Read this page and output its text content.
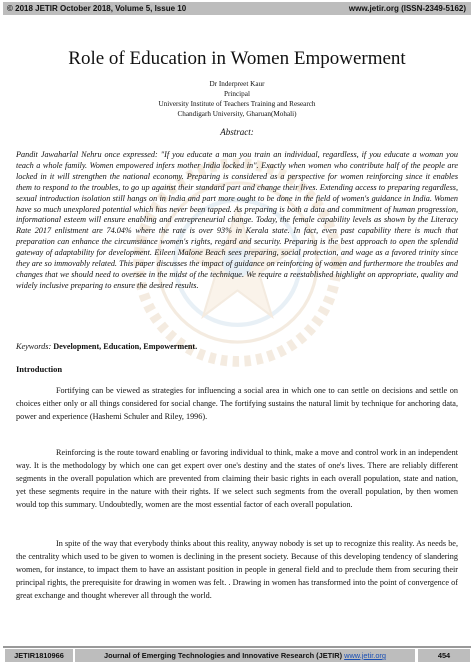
© 2018 JETIR October 2018, Volume 5, Issue 10	www.jetir.org (ISSN-2349-5162)
Role of Education in Women Empowerment
Dr Inderpreet Kaur
Principal
University Institute of Teachers Training and Research
Chandigarh University, Gharuan(Mohali)
Abstract:
Pandit Jawaharlal Nehru once expressed: "If you educate a man you train an individual, regardless, if you educate a woman you teach a whole family. Women empowered infers mother India locked in". Exactly when women who contribute half of the people are locked in it will strengthen the national economy. Preparing is considered as a perspective for women reinforcing since it enables them to respond to the troubles, to go up against their standard part and change their lives. Extending access to preparing regardless, sexual introduction isolation still hangs on in India and part more ought to be done in the field of women's guidance in India. Women have so much unexplored potential which has never been tapped. As preparing is both a data and commitment of human progression, informational esteem will ensure enabling and entrepreneurial change. Today, the female capability levels as shown by the Literacy Rate 2017 enlistment are 74.04% where the rate is over 93% in Kerala state. In fact, even past capability there is much that preparation can enhance the circumstance women's rights, regard and security. Preparing is the best approach to open the splendid gateway of adaptability for development. Eileen Malone Beach sees preparing, social protection, and wage as a favored trinity since they are so immovably related. This paper discusses the impact of guidance on reinforcing of women and furthermore the troubles and changes that we should need to oversee in the midst of the technique. We require a reestablished highlight on appropriate, quality and widely inclusive preparing to ensure the desired results.
Keywords: Development, Education, Empowerment.
Introduction
Fortifying can be viewed as strategies for influencing a social area in which one to can settle on decisions and settle on choices either only or all things considered for social change. The fortifying sustains the natural limit by technique for anchoring data, power and experience (Hashemi Schuler and Riley, 1996).
Reinforcing is the route toward enabling or favoring individual to think, make a move and control work in an independent way. It is the methodology by which one can get expert over one's destiny and the states of one's lives. There are reliably different segments in the overall population which are prevented from claiming their basic rights in each overall population, state and nation, yet these segments require in the nature with their rights. If we select such segments from the overall population, by then women would top this summary. Undoubtedly, women are the most essential factor of each overall population.
In spite of the way that everybody thinks about this reality, anyway nobody is set up to recognize this reality. As needs be, the centrality which used to be given to women is declining in the present society. Because of this developing tendency of slandering women, for instance, to impact them to have an assistant position in people in general field and to preclude them from securing their principal rights, the prerequisite for drawing in women was felt. . Drawing in women has transformed into the point of convergence of great exchange and thought wherever all through the world.
JETIR1810966	Journal of Emerging Technologies and Innovative Research (JETIR) www.jetir.org	454
